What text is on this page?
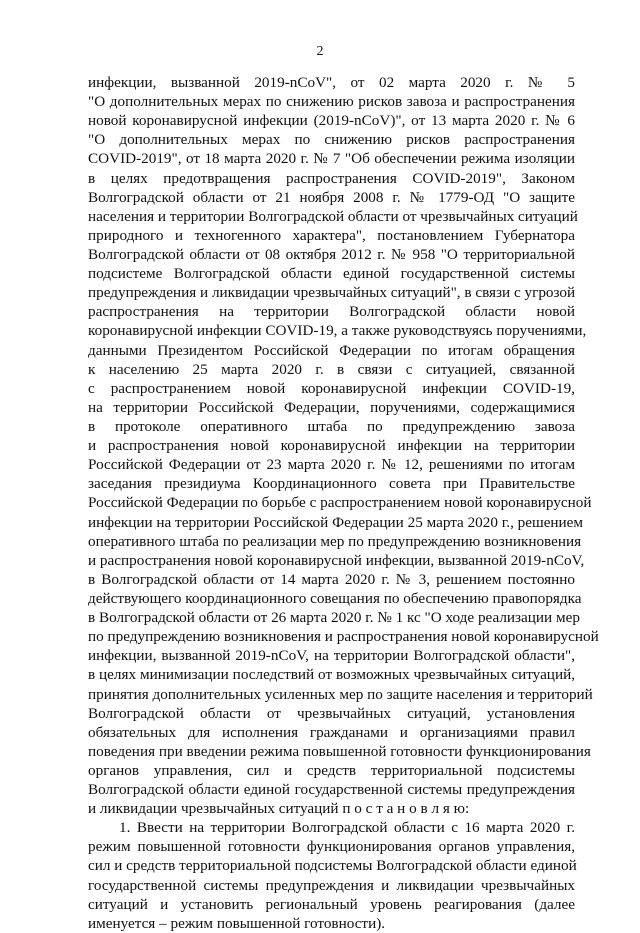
2
инфекции, вызванной 2019-nCoV", от 02 марта 2020 г. № 5
"О дополнительных мерах по снижению рисков завоза и распространения
новой коронавирусной инфекции (2019-nCoV)", от 13 марта 2020 г. № 6
"О дополнительных мерах по снижению рисков распространения
COVID-2019", от 18 марта 2020 г. № 7 "Об обеспечении режима изоляции
в целях предотвращения распространения COVID-2019", Законом
Волгоградской области от 21 ноября 2008 г. № 1779-ОД "О защите
населения и территории Волгоградской области от чрезвычайных ситуаций
природного и техногенного характера", постановлением Губернатора
Волгоградской области от 08 октября 2012 г. № 958 "О территориальной
подсистеме Волгоградской области единой государственной системы
предупреждения и ликвидации чрезвычайных ситуаций", в связи с угрозой
распространения на территории Волгоградской области новой
коронавирусной инфекции COVID-19, а также руководствуясь поручениями,
данными Президентом Российской Федерации по итогам обращения
к населению 25 марта 2020 г. в связи с ситуацией, связанной
с распространением новой коронавирусной инфекции COVID-19,
на территории Российской Федерации, поручениями, содержащимися
в протоколе оперативного штаба по предупреждению завоза
и распространения новой коронавирусной инфекции на территории
Российской Федерации от 23 марта 2020 г. № 12, решениями по итогам
заседания президиума Координационного совета при Правительстве
Российской Федерации по борьбе с распространением новой коронавирусной
инфекции на территории Российской Федерации 25 марта 2020 г., решением
оперативного штаба по реализации мер по предупреждению возникновения
и распространения новой коронавирусной инфекции, вызванной 2019-nCoV,
в Волгоградской области от 14 марта 2020 г. № 3, решением постоянно
действующего координационного совещания по обеспечению правопорядка
в Волгоградской области от 26 марта 2020 г. № 1 кс "О ходе реализации мер
по предупреждению возникновения и распространения новой коронавирусной
инфекции, вызванной 2019-nCoV, на территории Волгоградской области",
в целях минимизации последствий от возможных чрезвычайных ситуаций,
принятия дополнительных усиленных мер по защите населения и территорий
Волгоградской области от чрезвычайных ситуаций, установления
обязательных для исполнения гражданами и организациями правил
поведения при введении режима повышенной готовности функционирования
органов управления, сил и средств территориальной подсистемы
Волгоградской области единой государственной системы предупреждения
и ликвидации чрезвычайных ситуаций п о с т а н о в л я ю:
1. Ввести на территории Волгоградской области с 16 марта 2020 г.
режим повышенной готовности функционирования органов управления,
сил и средств территориальной подсистемы Волгоградской области единой
государственной системы предупреждения и ликвидации чрезвычайных
ситуаций и установить региональный уровень реагирования (далее
именуется – режим повышенной готовности).
